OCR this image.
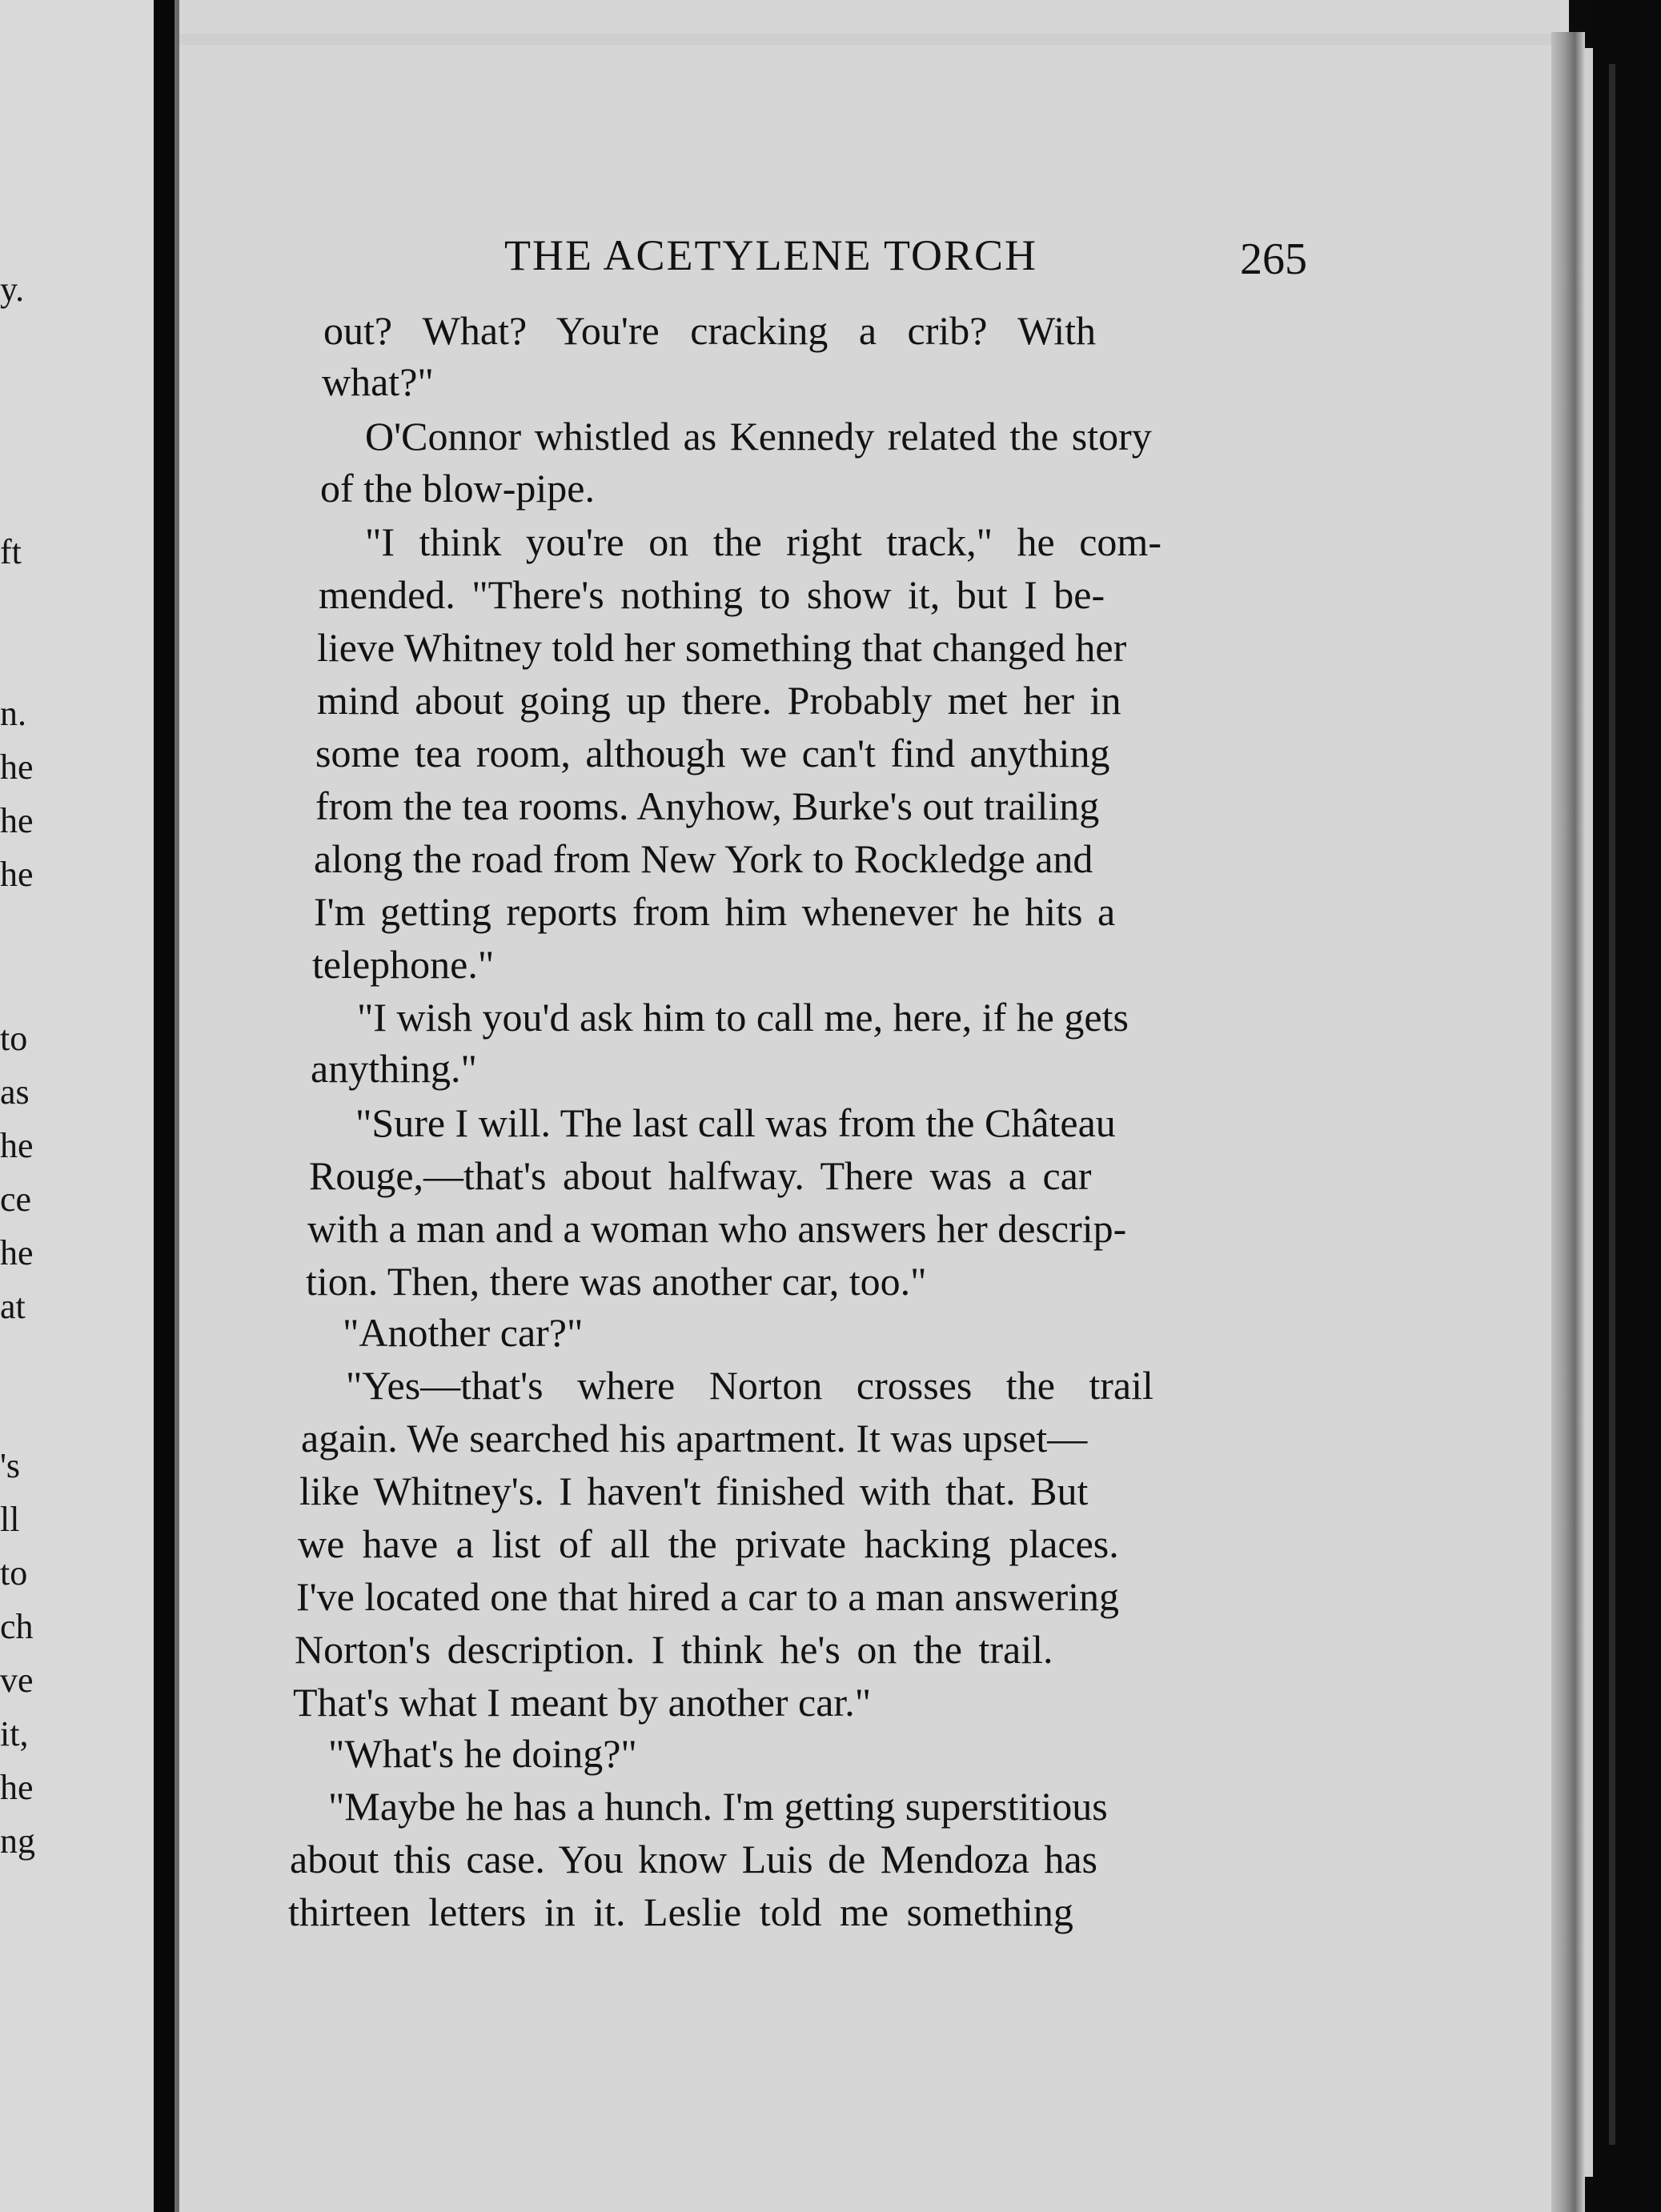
y.
ft
n.
he
he
he
to
as
he
ce
he
at
's
ll
to
ch
ve
it,
he
ng
THE ACETYLENE TORCH	265
out? What? You're cracking a crib? With
what?"
O'Connor whistled as Kennedy related the story
of the blow-pipe.
"I think you're on the right track," he com-
mended. "There's nothing to show it, but I be-
lieve Whitney told her something that changed her
mind about going up there. Probably met her in
some tea room, although we can't find anything
from the tea rooms. Anyhow, Burke's out trailing
along the road from New York to Rockledge and
I'm getting reports from him whenever he hits a
telephone."
"I wish you'd ask him to call me, here, if he gets
anything."
"Sure I will. The last call was from the Château
Rouge,—that's about halfway. There was a car
with a man and a woman who answers her descrip-
tion. Then, there was another car, too."
"Another car?"
"Yes—that's where Norton crosses the trail
again. We searched his apartment. It was upset—
like Whitney's. I haven't finished with that. But
we have a list of all the private hacking places.
I've located one that hired a car to a man answering
Norton's description. I think he's on the trail.
That's what I meant by another car."
"What's he doing?"
"Maybe he has a hunch. I'm getting superstitious
about this case. You know Luis de Mendoza has
thirteen letters in it. Leslie told me something
